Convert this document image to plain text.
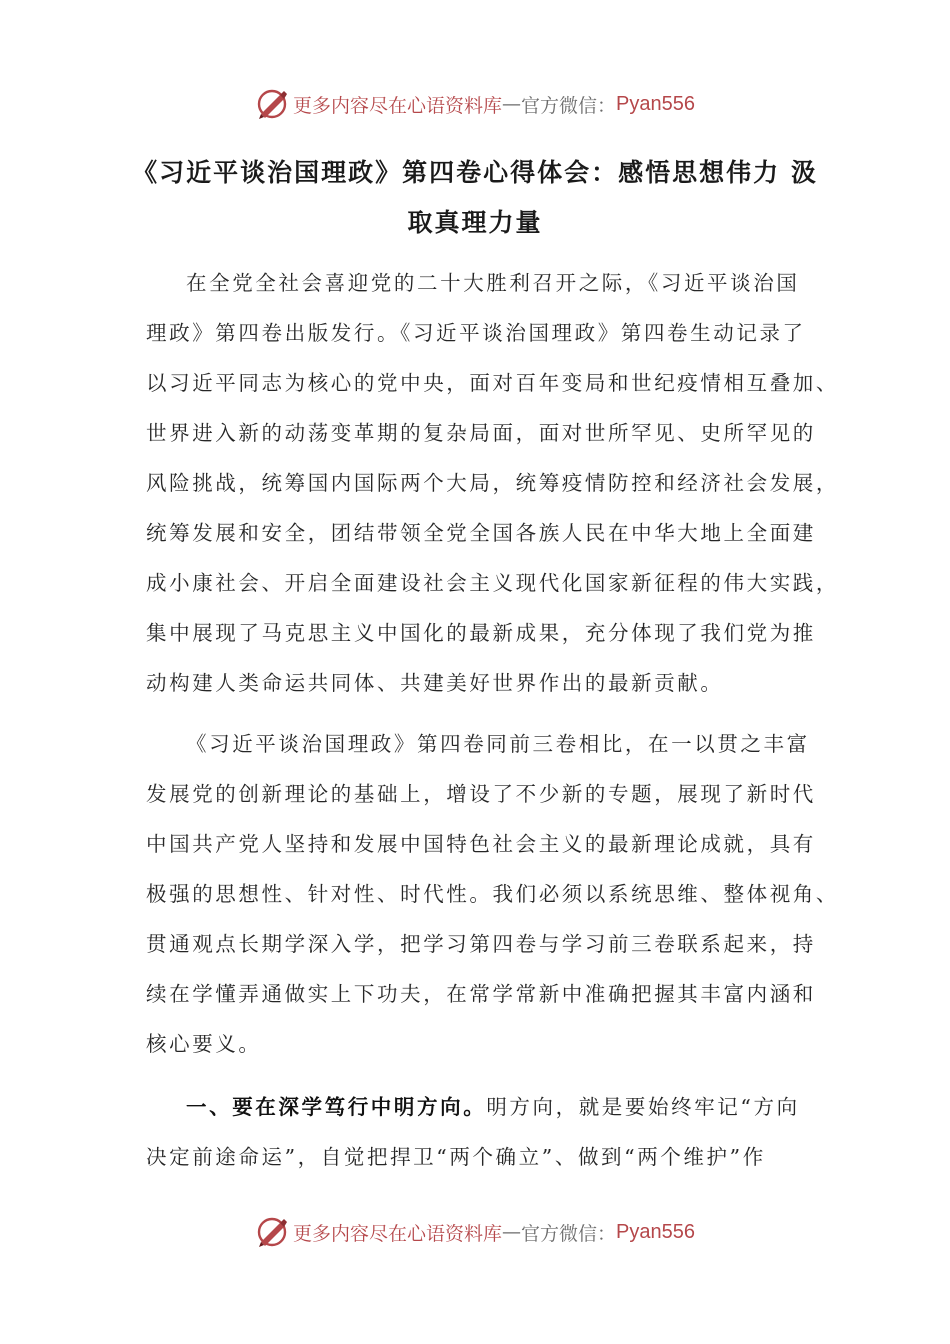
更多内容尽在心语资料库 — 官方微信： Pyan556
《习近平谈治国理政》第四卷心得体会：感悟思想伟力 汲
取真理力量
在全党全社会喜迎党的二十大胜利召开之际，《习近平谈治国
理政》第四卷出版发行。《习近平谈治国理政》第四卷生动记录了
以习近平同志为核心的党中央，面对百年变局和世纪疫情相互叠加、
世界进入新的动荡变革期的复杂局面，面对世所罕见、史所罕见的
风险挑战，统筹国内国际两个大局，统筹疫情防控和经济社会发展，
统筹发展和安全，团结带领全党全国各族人民在中华大地上全面建
成小康社会、开启全面建设社会主义现代化国家新征程的伟大实践，
集中展现了马克思主义中国化的最新成果，充分体现了我们党为推
动构建人类命运共同体、共建美好世界作出的最新贡献。
《习近平谈治国理政》第四卷同前三卷相比，在一以贯之丰富
发展党的创新理论的基础上，增设了不少新的专题，展现了新时代
中国共产党人坚持和发展中国特色社会主义的最新理论成就，具有
极强的思想性、针对性、时代性。我们必须以系统思维、整体视角、
贯通观点长期学深入学，把学习第四卷与学习前三卷联系起来，持
续在学懂弄通做实上下功夫，在常学常新中准确把握其丰富内涵和
核心要义。
一、要在深学笃行中明方向。明方向，就是要始终牢记“方向
决定前途命运”，自觉把捍卫“两个确立”、做到“两个维护”作
更多内容尽在心语资料库 — 官方微信： Pyan556
